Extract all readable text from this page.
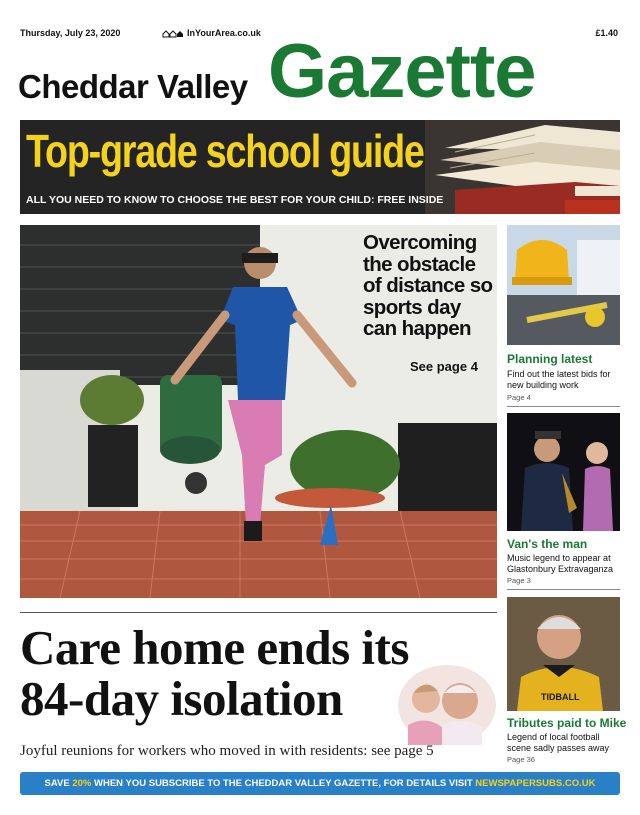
Thursday, July 23, 2020	InYourArea.co.uk	£1.40
Cheddar Valley Gazette
Top-grade school guide
ALL YOU NEED TO KNOW TO CHOOSE THE BEST FOR YOUR CHILD: FREE INSIDE
Overcoming the obstacle of distance so sports day can happen
See page 4
Care home ends its
84-day isolation
Joyful reunions for workers who moved in with residents: see page 5
Planning latest
Find out the latest bids for new building work
Page 4
Van's the man
Music legend to appear at Glastonbury Extravaganza
Page 3
TIDBALL
Tributes paid to Mike
Legend of local football scene sadly passes away
Page 36
SAVE
20%
WHEN YOU SUBSCRIBE TO THE CHEDDAR VALLEY GAZETTE, FOR DETAILS VISIT
NEWSPAPERSUBS.CO.UK
